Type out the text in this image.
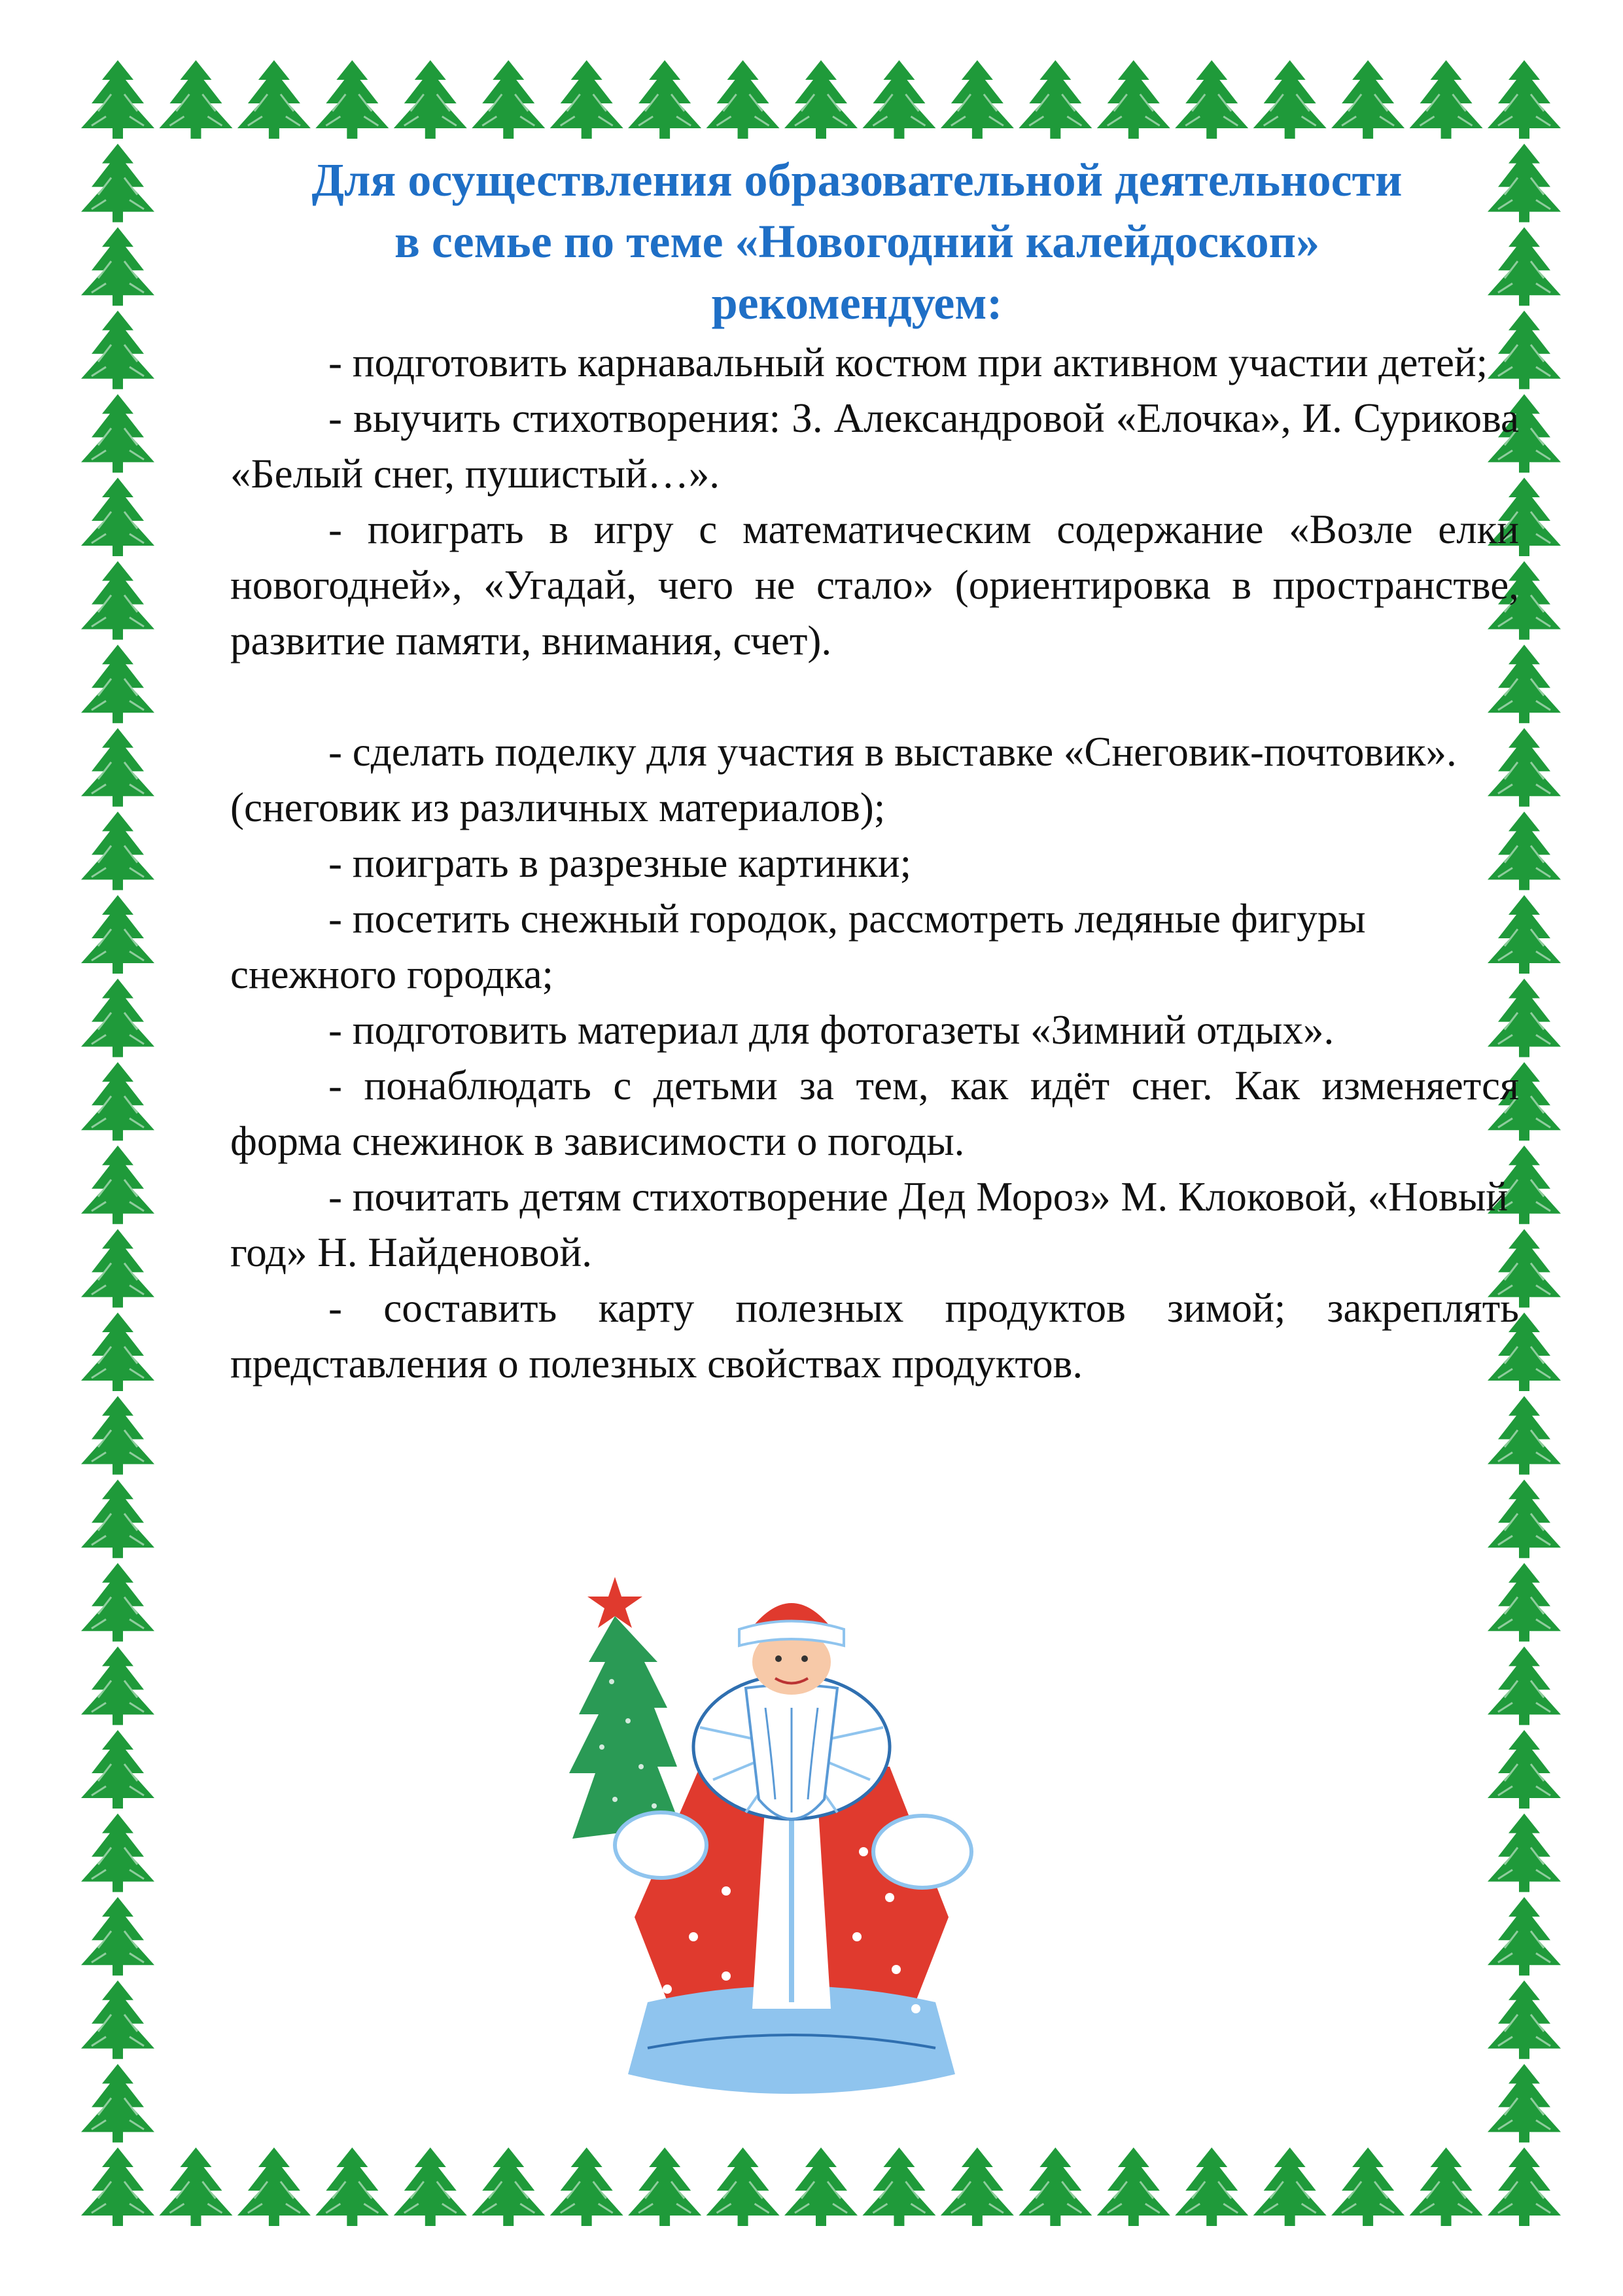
Для осуществления образовательной деятельности
в семье по теме «Новогодний калейдоскоп»
рекомендуем:

- подготовить карнавальный костюм при активном участии детей;

- выучить стихотворения: З. Александровой «Елочка», И. Сурикова «Белый снег, пушистый…».

- поиграть в игру с математическим содержание «Возле елки новогодней», «Угадай, чего не стало» (ориентировка в пространстве, развитие памяти, внимания, счет).

- сделать поделку для участия в выставке «Снеговик-почтовик». (снеговик из различных материалов);

- поиграть в разрезные картинки;

- посетить снежный городок, рассмотреть ледяные фигуры снежного городка;

- подготовить материал для фотогазеты «Зимний отдых».

- понаблюдать с детьми за тем, как идёт снег. Как изменяется форма снежинок в зависимости о погоды.

- почитать детям стихотворение Дед Мороз» М. Клоковой, «Новый год» Н. Найденовой.

- составить карту полезных продуктов зимой; закреплять представления о полезных свойствах продуктов.
